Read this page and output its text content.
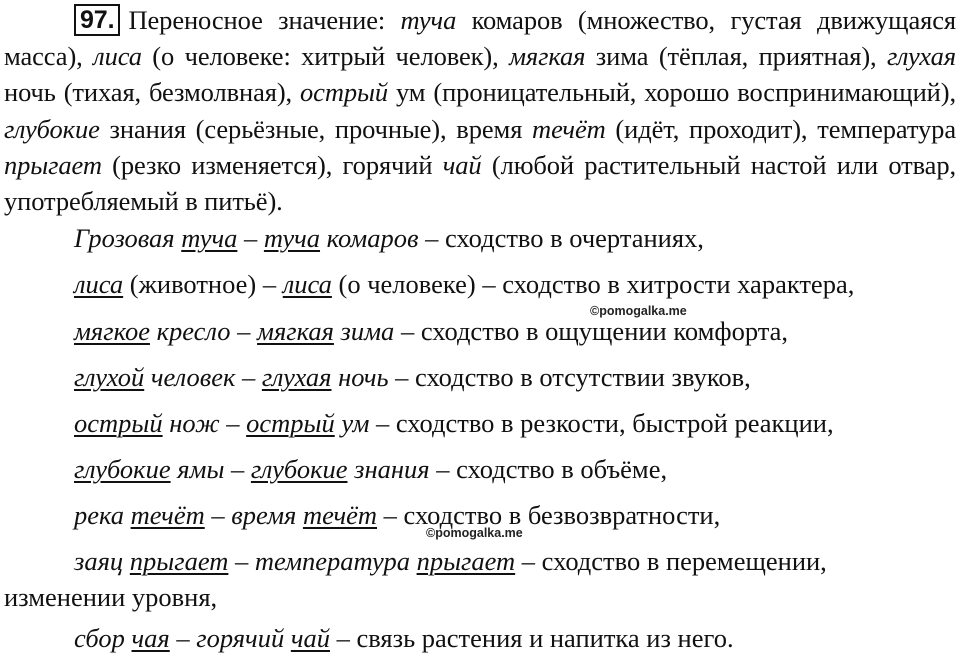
97. Переносное значение: туча комаров (множество, густая движущаяся масса), лиса (о человеке: хитрый человек), мягкая зима (тёплая, приятная), глухая ночь (тихая, безмолвная), острый ум (проницательный, хорошо воспринимающий), глубокие знания (серьёзные, прочные), время течёт (идёт, проходит), температура прыгает (резко изменяется), горячий чай (любой растительный настой или отвар, употребляемый в питьё).
Грозовая туча – туча комаров – сходство в очертаниях,
лиса (животное) – лиса (о человеке) – сходство в хитрости характера,
мягкое кресло – мягкая зима – сходство в ощущении комфорта,
глухой человек – глухая ночь – сходство в отсутствии звуков,
острый нож – острый ум – сходство в резкости, быстрой реакции,
глубокие ямы – глубокие знания – сходство в объёме,
река течёт – время течёт – сходство в безвозвратности,
заяц прыгает – температура прыгает – сходство в перемещении,
изменении уровня,
сбор чая – горячий чай – связь растения и напитка из него.
©pomogalka.me
©pomogalka.me
